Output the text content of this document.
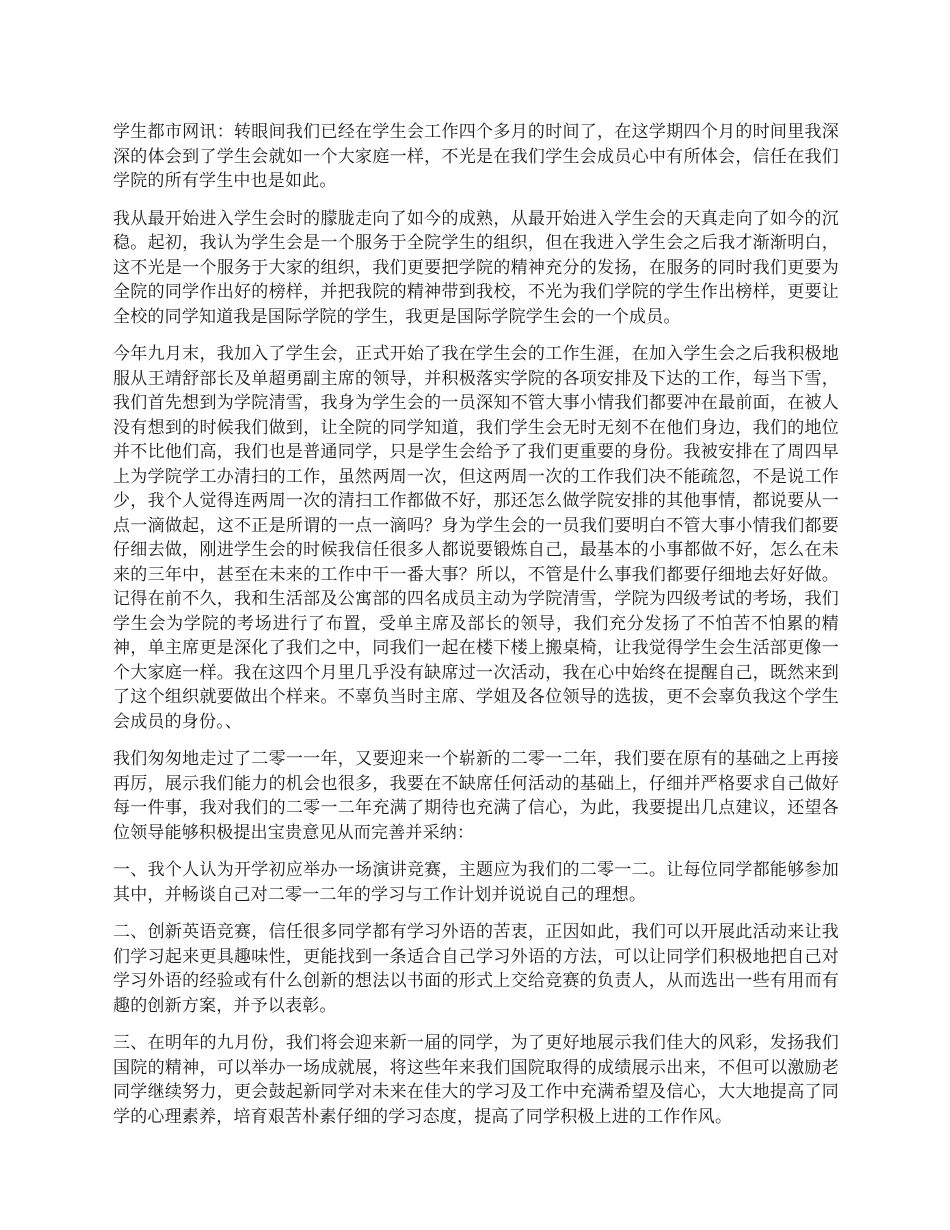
学生都市网讯：转眼间我们已经在学生会工作四个多月的时间了，在这学期四个月的时间里我深深的体会到了学生会就如一个大家庭一样，不光是在我们学生会成员心中有所体会，信任在我们学院的所有学生中也是如此。

我从最开始进入学生会时的朦胧走向了如今的成熟，从最开始进入学生会的天真走向了如今的沉稳。起初，我认为学生会是一个服务于全院学生的组织，但在我进入学生会之后我才渐渐明白，这不光是一个服务于大家的组织，我们更要把学院的精神充分的发扬，在服务的同时我们更要为全院的同学作出好的榜样，并把我院的精神带到我校，不光为我们学院的学生作出榜样，更要让全校的同学知道我是国际学院的学生，我更是国际学院学生会的一个成员。

今年九月末，我加入了学生会，正式开始了我在学生会的工作生涯，在加入学生会之后我积极地服从王靖舒部长及单超勇副主席的领导，并积极落实学院的各项安排及下达的工作，每当下雪，我们首先想到为学院清雪，我身为学生会的一员深知不管大事小情我们都要冲在最前面，在被人没有想到的时候我们做到，让全院的同学知道，我们学生会无时无刻不在他们身边，我们的地位并不比他们高，我们也是普通同学，只是学生会给予了我们更重要的身份。我被安排在了周四早上为学院学工办清扫的工作，虽然两周一次，但这两周一次的工作我们决不能疏忽，不是说工作少，我个人觉得连两周一次的清扫工作都做不好，那还怎么做学院安排的其他事情，都说要从一点一滴做起，这不正是所谓的一点一滴吗？身为学生会的一员我们要明白不管大事小情我们都要仔细去做，刚进学生会的时候我信任很多人都说要锻炼自己，最基本的小事都做不好，怎么在未来的三年中，甚至在未来的工作中干一番大事？所以，不管是什么事我们都要仔细地去好好做。记得在前不久，我和生活部及公寓部的四名成员主动为学院清雪，学院为四级考试的考场，我们学生会为学院的考场进行了布置，受单主席及部长的领导，我们充分发扬了不怕苦不怕累的精神，单主席更是深化了我们之中，同我们一起在楼下楼上搬桌椅，让我觉得学生会生活部更像一个大家庭一样。我在这四个月里几乎没有缺席过一次活动，我在心中始终在提醒自己，既然来到了这个组织就要做出个样来。不辜负当时主席、学姐及各位领导的选拔，更不会辜负我这个学生会成员的身份。、

我们匆匆地走过了二零一一年，又要迎来一个崭新的二零一二年，我们要在原有的基础之上再接再厉，展示我们能力的机会也很多，我要在不缺席任何活动的基础上，仔细并严格要求自己做好每一件事，我对我们的二零一二年充满了期待也充满了信心，为此，我要提出几点建议，还望各位领导能够积极提出宝贵意见从而完善并采纳：

一、我个人认为开学初应举办一场演讲竞赛，主题应为我们的二零一二。让每位同学都能够参加其中，并畅谈自己对二零一二年的学习与工作计划并说说自己的理想。

二、创新英语竞赛，信任很多同学都有学习外语的苦衷，正因如此，我们可以开展此活动来让我们学习起来更具趣味性，更能找到一条适合自己学习外语的方法，可以让同学们积极地把自己对学习外语的经验或有什么创新的想法以书面的形式上交给竞赛的负责人，从而选出一些有用而有趣的创新方案，并予以表彰。

三、在明年的九月份，我们将会迎来新一届的同学，为了更好地展示我们佳大的风彩，发扬我们国院的精神，可以举办一场成就展，将这些年来我们国院取得的成绩展示出来，不但可以激励老同学继续努力，更会鼓起新同学对未来在佳大的学习及工作中充满希望及信心，大大地提高了同学的心理素养，培育艰苦朴素仔细的学习态度，提高了同学积极上进的工作作风。
